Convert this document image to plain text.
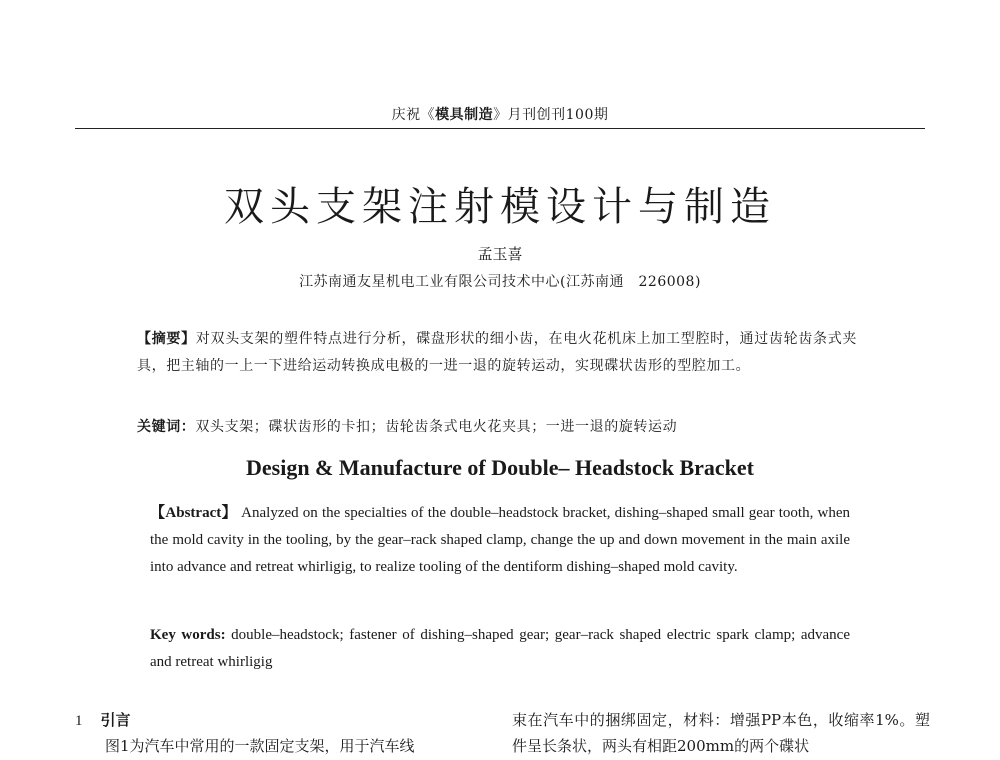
庆祝《模具制造》月刊创刊100期
双头支架注射模设计与制造
孟玉喜
江苏南通友星机电工业有限公司技术中心(江苏南通　226008)
【摘要】对双头支架的塑件特点进行分析，碟盘形状的细小齿，在电火花机床上加工型腔时，通过齿轮齿条式夹具，把主轴的一上一下进给运动转换成电极的一进一退的旋转运动，实现碟状齿形的型腔加工。
关键词：双头支架；碟状齿形的卡扣；齿轮齿条式电火花夹具；一进一退的旋转运动
Design & Manufacture of Double– Headstock Bracket
【Abstract】 Analyzed on the specialties of the double–headstock bracket, dishing–shaped small gear tooth, when the mold cavity in the tooling, by the gear–rack shaped clamp, change the up and down movement in the main axile into advance and retreat whirligig, to realize tooling of the dentiform dishing–shaped mold cavity.
Key words: double–headstock; fastener of dishing–shaped gear; gear–rack shaped electric spark clamp; advance and retreat whirligig
1 引言
图1为汽车中常用的一款固定支架，用于汽车线
束在汽车中的捆绑固定，材料：增强PP本色，收缩率1%。塑件呈长条状，两头有相距200mm的两个碟状
